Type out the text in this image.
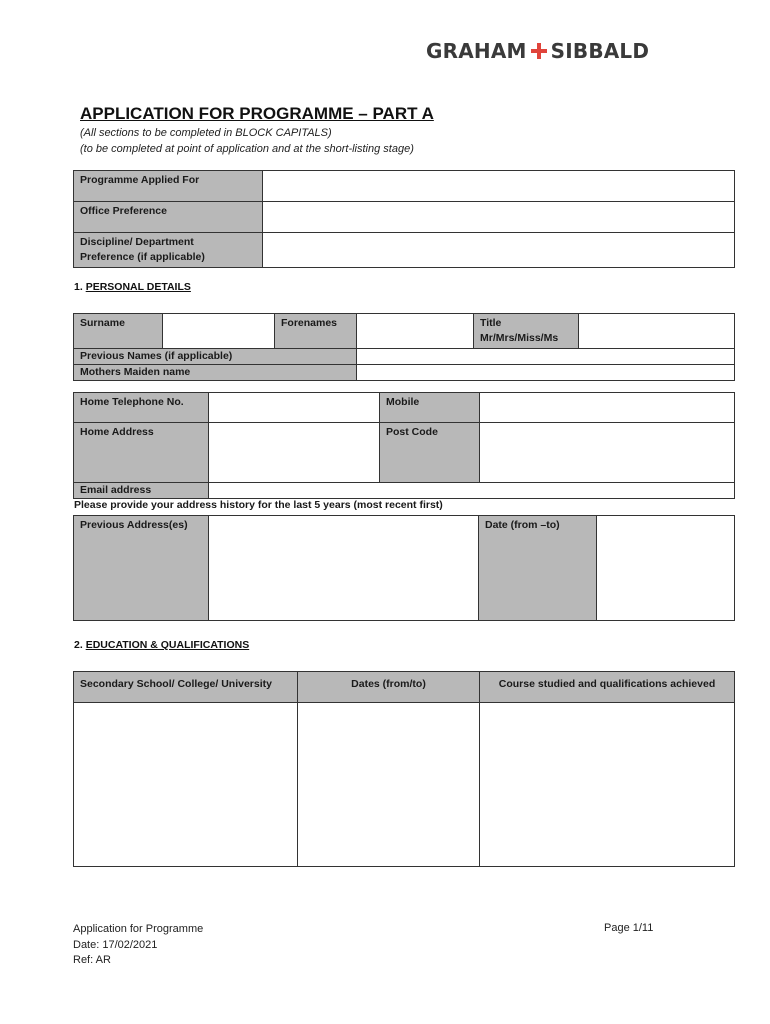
GRAHAM SIBBALD
APPLICATION FOR PROGRAMME – PART A
(All sections to be completed in BLOCK CAPITALS)
(to be completed at point of application and at the short-listing stage)
Programme Applied For	
Office Preference	
Discipline/ Department
Preference (if applicable)	
1. PERSONAL DETAILS
Surname		Forenames		Title
Mr/Mrs/Miss/Ms	
Previous Names (if applicable)					
Mothers Maiden name					
Home Telephone No.		Mobile	
Home Address		Post Code	
Email address			
Please provide your address history for the last 5 years (most recent first)
Previous Address(es)		Date (from –to)	
2. EDUCATION & QUALIFICATIONS
Secondary School/ College/ University	Dates (from/to)	Course studied and qualifications achieved

Application for Programme
Date: 17/02/2021
Ref: AR
Page 1/11
